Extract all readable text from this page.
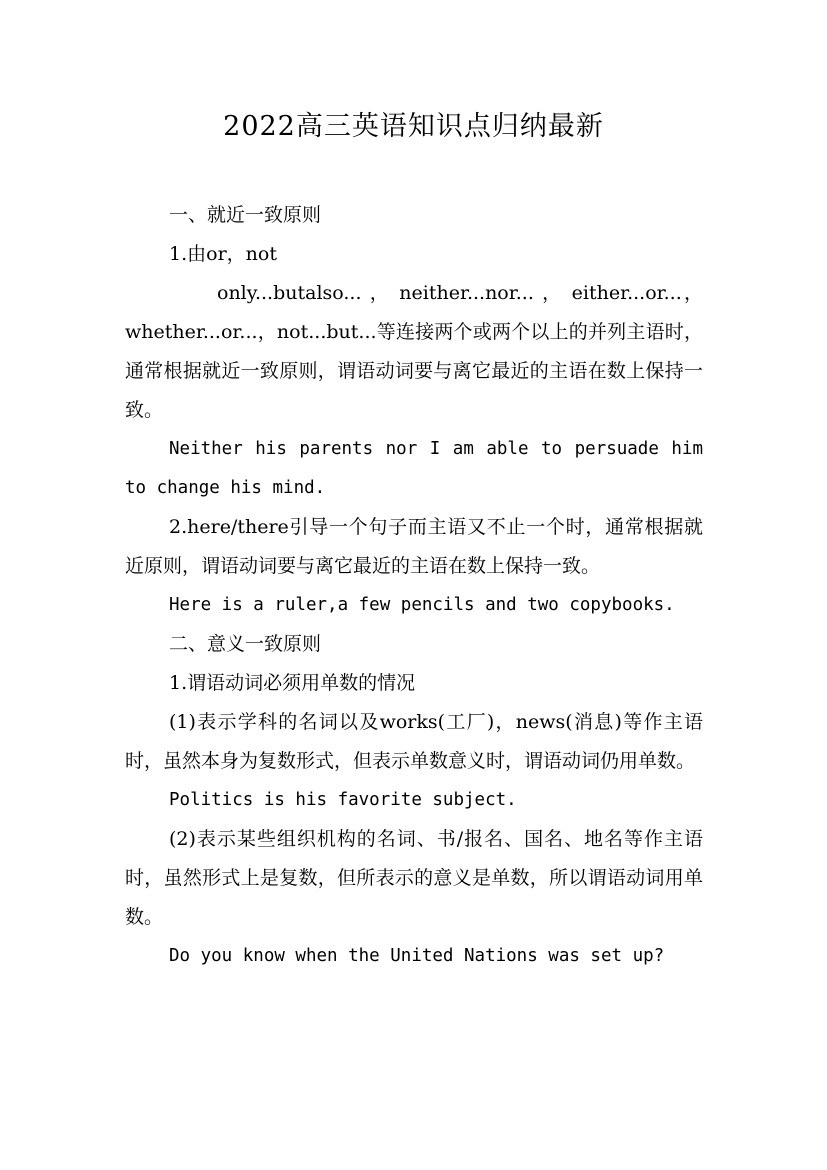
2022高三英语知识点归纳最新

一、就近一致原则

1.由or，not

only...butalso... ， neither...nor... ， either...or...，whether...or...，not...but...等连接两个或两个以上的并列主语时，通常根据就近一致原则，谓语动词要与离它最近的主语在数上保持一致。

Neither his parents nor I am able to persuade him to change his mind.

2.here/there引导一个句子而主语又不止一个时，通常根据就近原则，谓语动词要与离它最近的主语在数上保持一致。

Here is a ruler,a few pencils and two copybooks.

二、意义一致原则

1.谓语动词必须用单数的情况

(1)表示学科的名词以及works(工厂)，news(消息)等作主语时，虽然本身为复数形式，但表示单数意义时，谓语动词仍用单数。

Politics is his favorite subject.

(2)表示某些组织机构的名词、书/报名、国名、地名等作主语时，虽然形式上是复数，但所表示的意义是单数，所以谓语动词用单数。

Do you know when the United Nations was set up?
